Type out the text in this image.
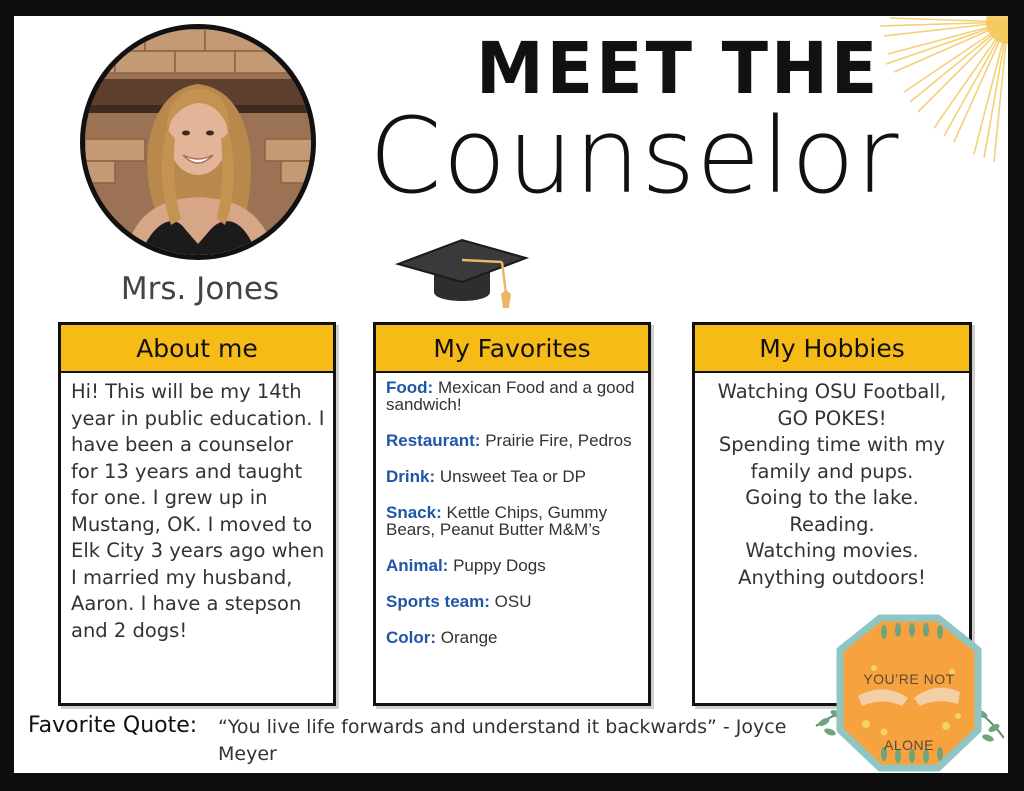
Mrs. Jones
MEET THE
Counselor
About me
Hi! This will be my 14th year in public education. I have been a counselor for 13 years and taught for one. I grew up in Mustang, OK. I moved to Elk City 3 years ago when I married my husband, Aaron. I have a stepson and 2 dogs!
My Favorites
Food: Mexican Food and a good sandwich!
Restaurant: Prairie Fire, Pedros
Drink: Unsweet Tea or DP
Snack: Kettle Chips, Gummy Bears, Peanut Butter M&M’s
Animal: Puppy Dogs
Sports team: OSU
Color: Orange
My Hobbies
Watching OSU Football, GO POKES!
Spending time with my family and pups.
Going to the lake.
Reading.
Watching movies.
Anything outdoors!
Favorite Quote: “You live life forwards and understand it backwards” - Joyce Meyer
YOU’RE NOT
ALONE
